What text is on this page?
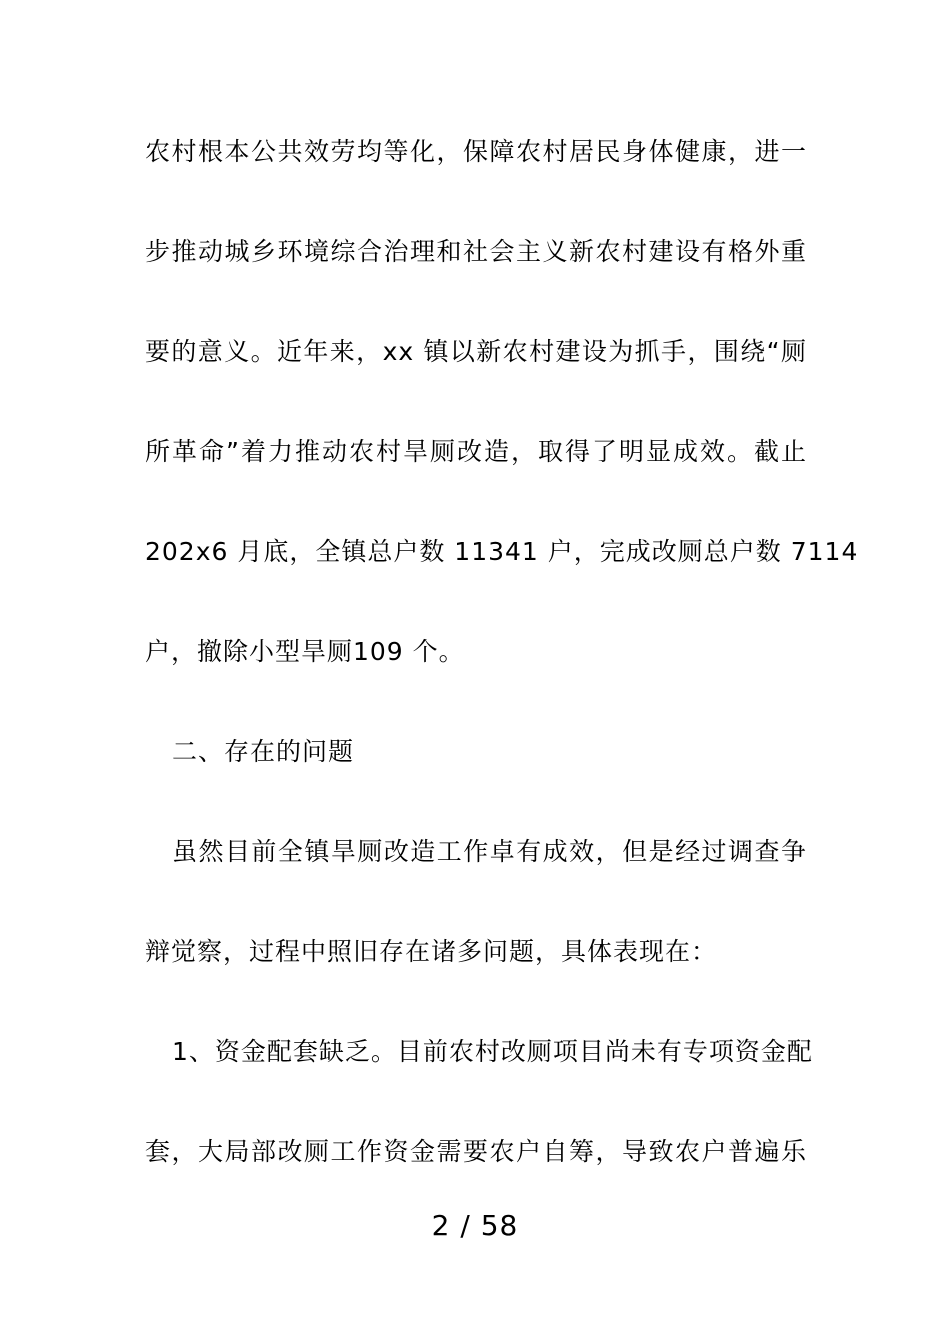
农村根本公共效劳均等化，保障农村居民身体健康，进一
步推动城乡环境综合治理和社会主义新农村建设有格外重
要的意义。近年来，xx 镇以新农村建设为抓手，围绕“厕
所革命”着力推动农村旱厕改造，取得了明显成效。截止
202x6 月底，全镇总户数 11341 户，完成改厕总户数 7114
户，撤除小型旱厕109 个。
二、存在的问题
虽然目前全镇旱厕改造工作卓有成效，但是经过调查争
辩觉察，过程中照旧存在诸多问题，具体表现在：
1、资金配套缺乏。目前农村改厕项目尚未有专项资金配
套，大局部改厕工作资金需要农户自筹，导致农户普遍乐
2 / 58
